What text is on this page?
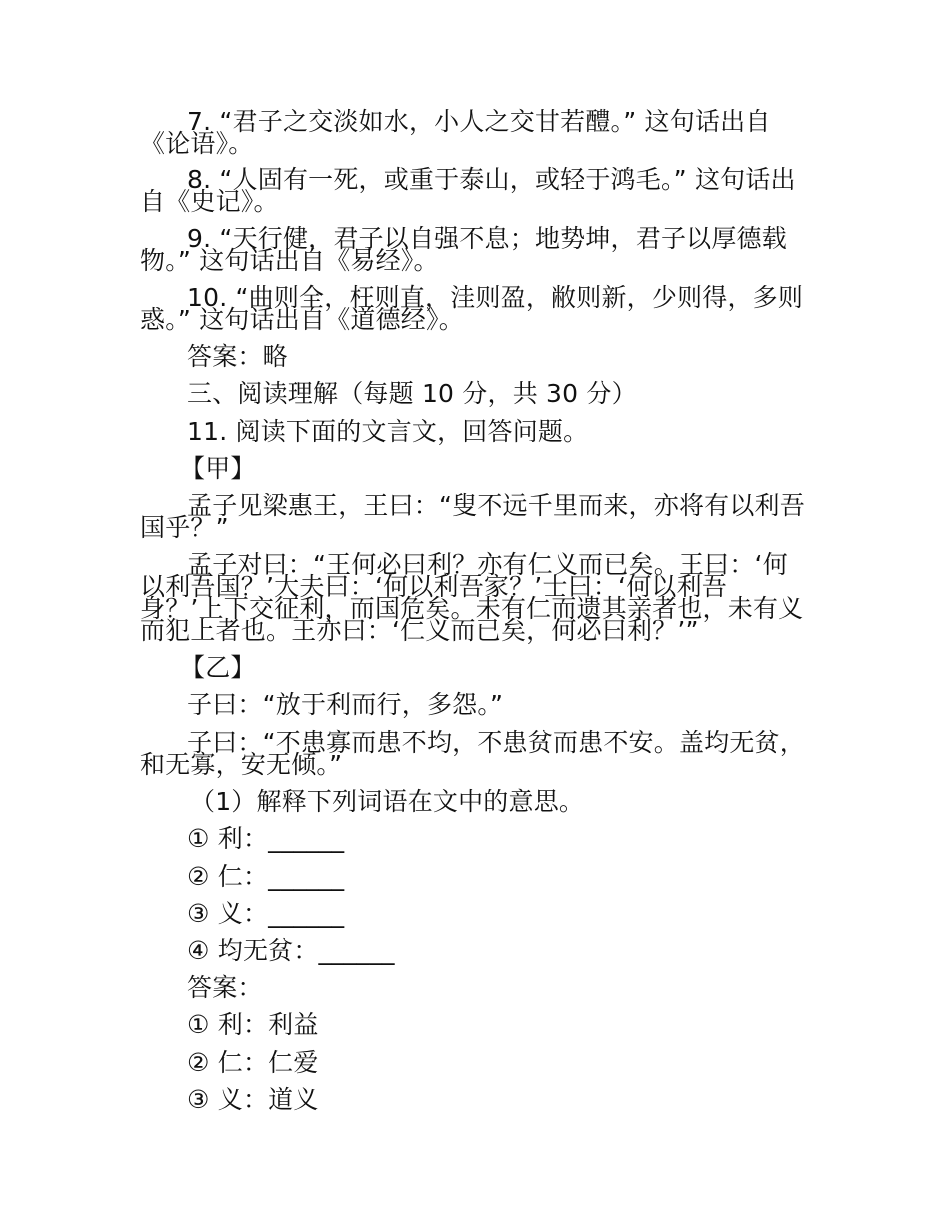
7. “君子之交淡如水，小人之交甘若醴。” 这句话出自
《论语》。
8. “人固有一死，或重于泰山，或轻于鸿毛。” 这句话出
自《史记》。
9. “天行健，君子以自强不息；地势坤，君子以厚德载
物。” 这句话出自《易经》。
10. “曲则全，枉则直，洼则盈，敝则新，少则得，多则
惑。” 这句话出自《道德经》。
答案：略
三、阅读理解（每题 10 分，共 30 分）
11. 阅读下面的文言文，回答问题。
【甲】
孟子见梁惠王，王曰：“叟不远千里而来，亦将有以利吾
国乎？”
孟子对曰：“王何必曰利？亦有仁义而已矣。王曰：‘何
以利吾国？’大夫曰：‘何以利吾家？’士曰：‘何以利吾
身？’上下交征利，而国危矣。未有仁而遗其亲者也，未有义
而犯上者也。王亦曰：‘仁义而已矣，何必曰利？’”
【乙】
子曰：“放于利而行，多怨。”
子曰：“不患寡而患不均，不患贫而患不安。盖均无贫，
和无寡，安无倾。”
（1）解释下列词语在文中的意思。
① 利：______
② 仁：______
③ 义：______
④ 均无贫：______
答案：
① 利：利益
② 仁：仁爱
③ 义：道义
